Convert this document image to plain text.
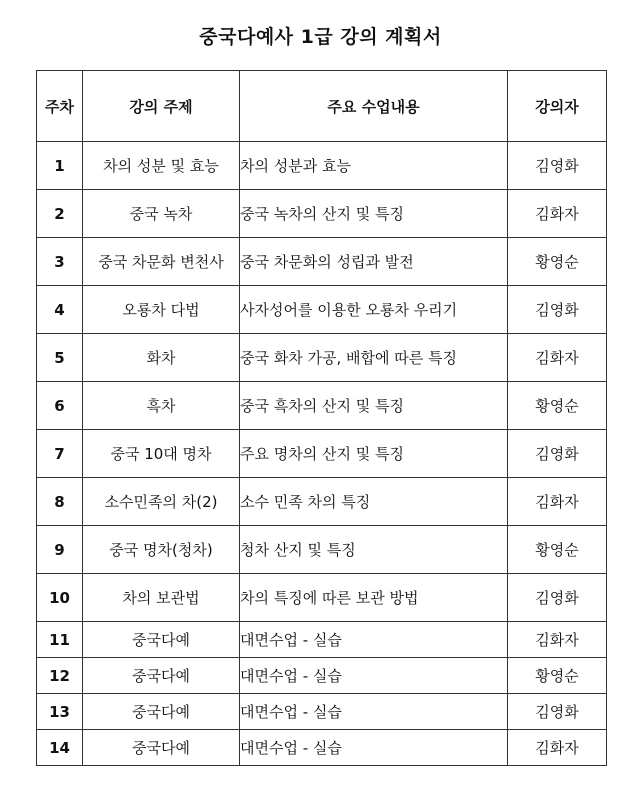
중국다예사 1급 강의 계획서
주차	강의 주제	주요 수업내용	강의자
1	차의 성분 및 효능	차의 성분과 효능	김영화
2	중국 녹차	중국 녹차의 산지 및 특징	김화자
3	중국 차문화 변천사	중국 차문화의 성립과 발전	황영순
4	오룡차 다법	사자성어를 이용한 오룡차 우리기	김영화
5	화차	중국 화차 가공, 배합에 따른 특징	김화자
6	흑차	중국 흑차의 산지 및 특징	황영순
7	중국 10대 명차	주요 명차의 산지 및 특징	김영화
8	소수민족의 차(2)	소수 민족 차의 특징	김화자
9	중국 명차(청차)	청차 산지 및 특징	황영순
10	차의 보관법	차의 특징에 따른 보관 방법	김영화
11	중국다예	대면수업 - 실습	김화자
12	중국다예	대면수업 - 실습	황영순
13	중국다예	대면수업 - 실습	김영화
14	중국다예	대면수업 - 실습	김화자
